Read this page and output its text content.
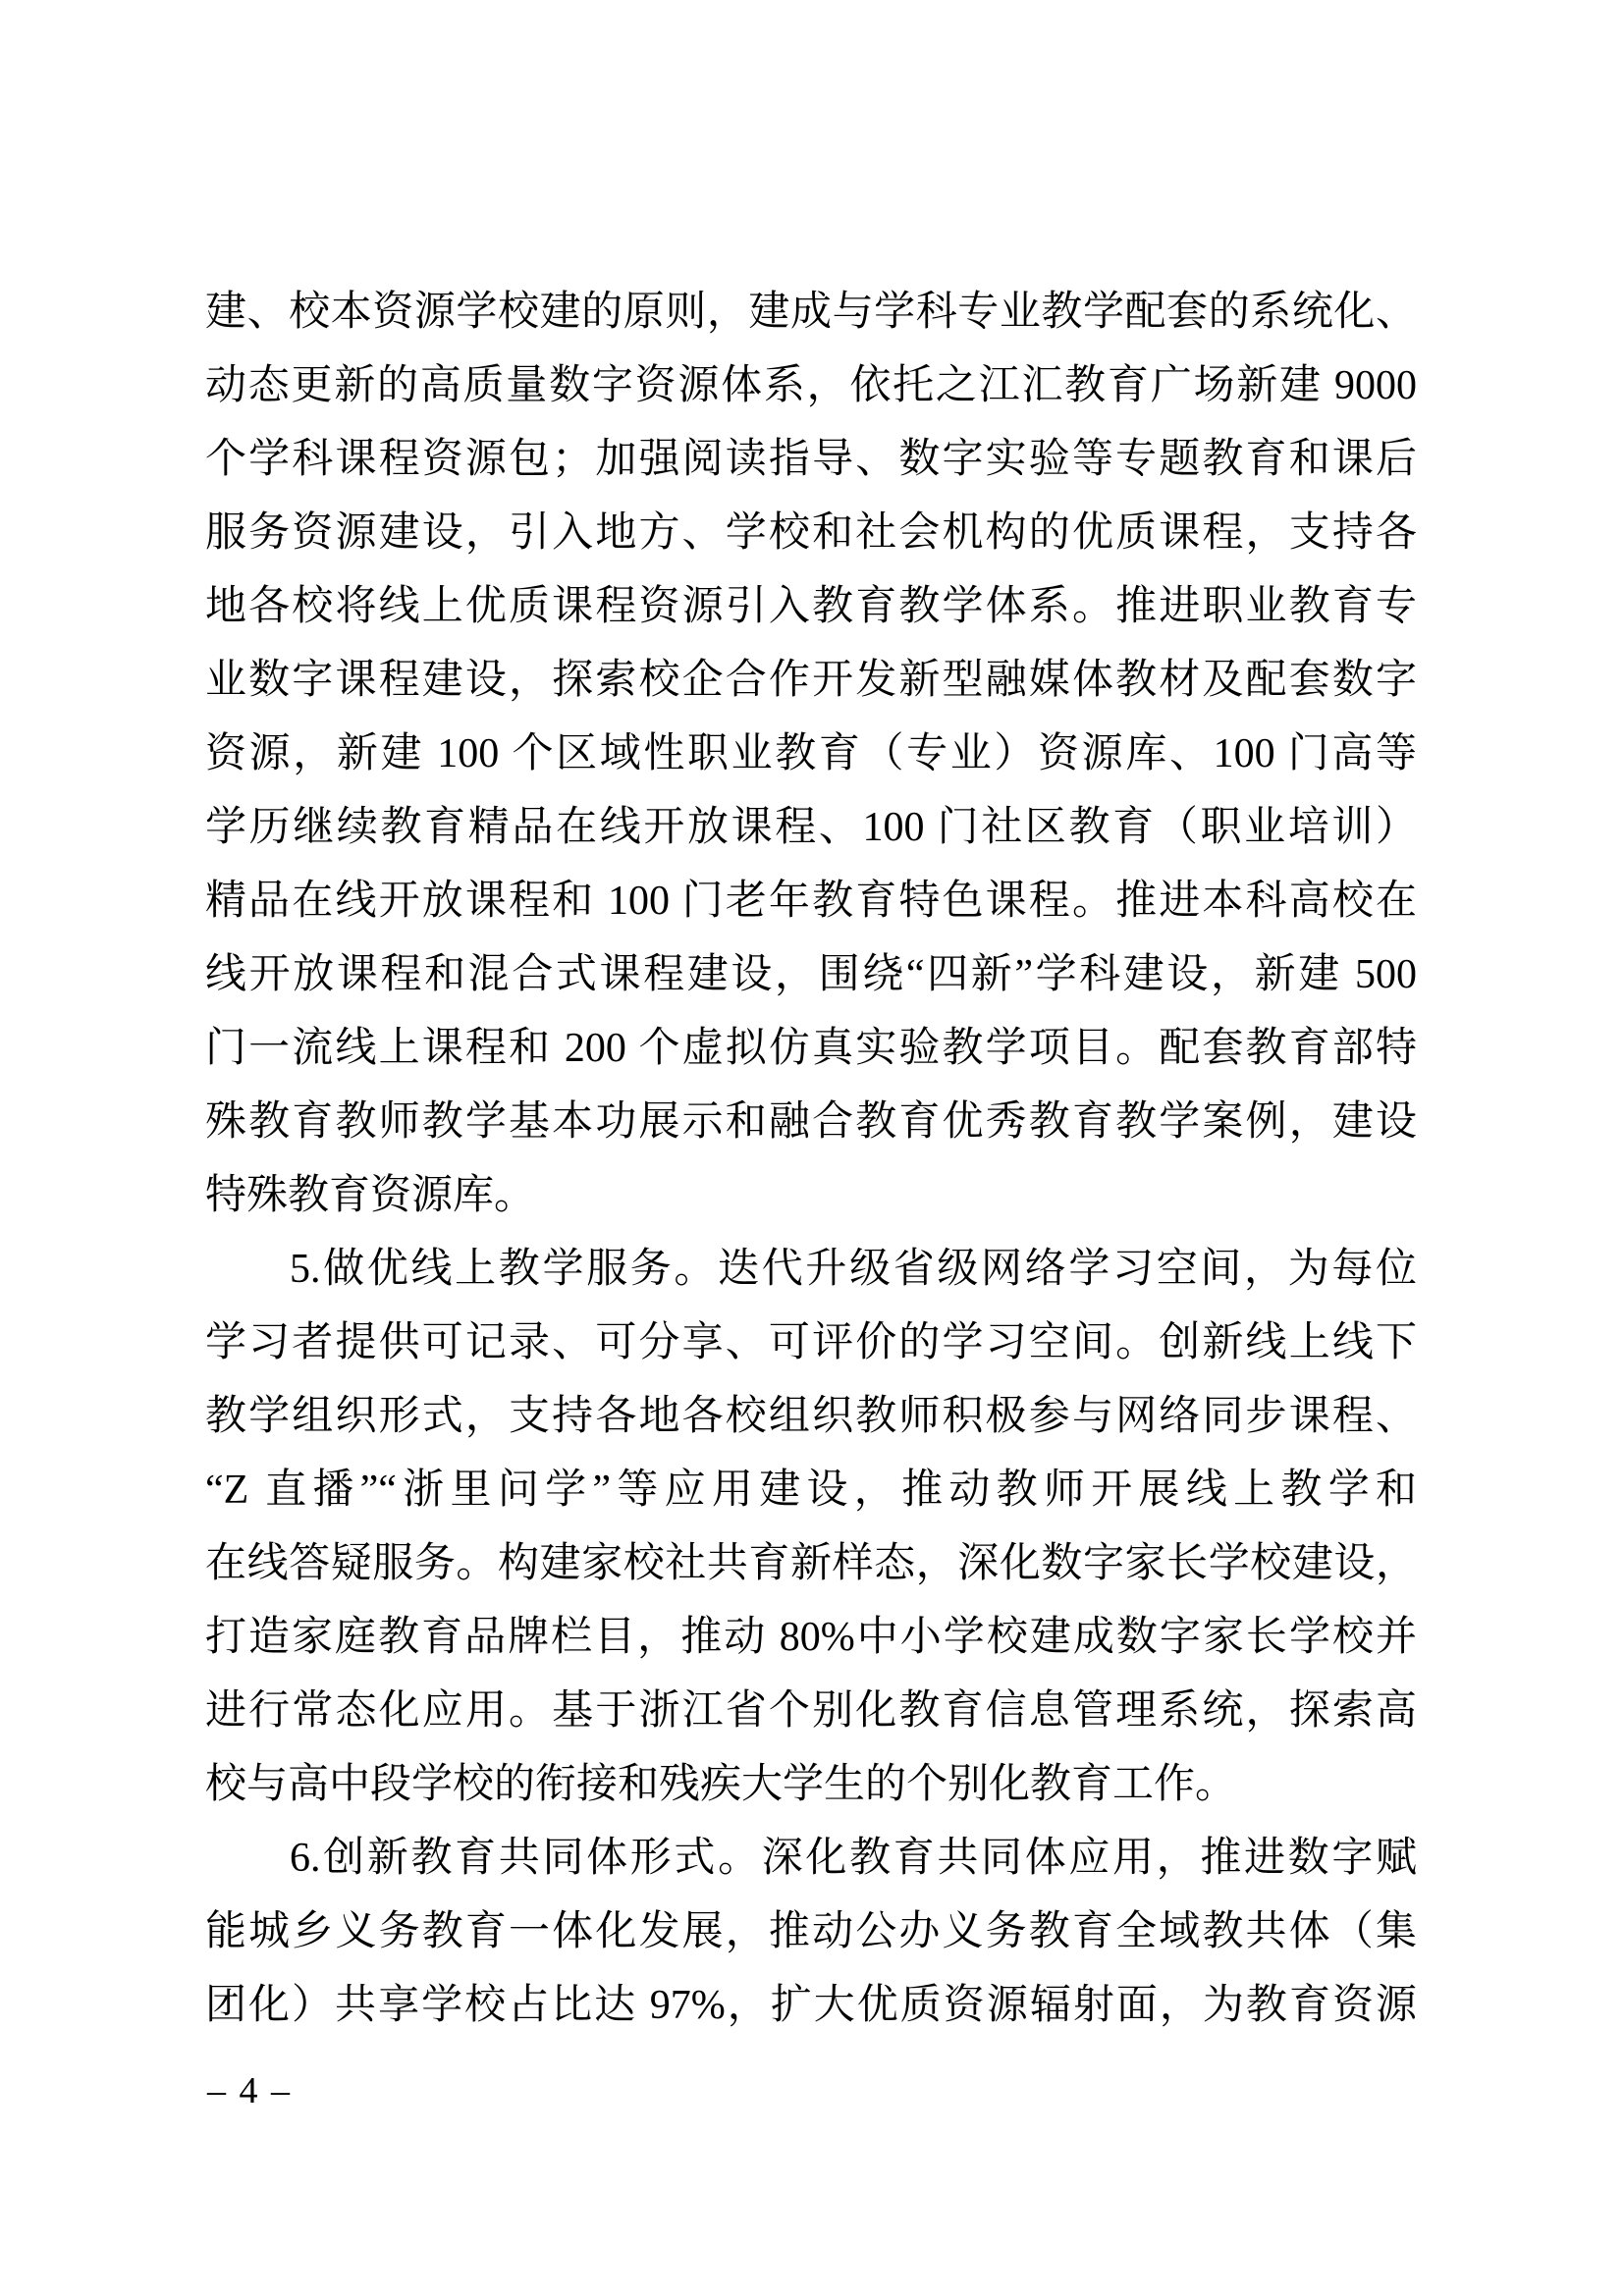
建、校本资源学校建的原则，建成与学科专业教学配套的系统化、
动态更新的高质量数字资源体系，依托之江汇教育广场新建 9000
个学科课程资源包；加强阅读指导、数字实验等专题教育和课后
服务资源建设，引入地方、学校和社会机构的优质课程，支持各
地各校将线上优质课程资源引入教育教学体系。推进职业教育专
业数字课程建设，探索校企合作开发新型融媒体教材及配套数字
资源，新建 100 个区域性职业教育（专业）资源库、100 门高等
学历继续教育精品在线开放课程、100 门社区教育（职业培训）
精品在线开放课程和 100 门老年教育特色课程。推进本科高校在
线开放课程和混合式课程建设，围绕“四新”学科建设，新建 500
门一流线上课程和 200 个虚拟仿真实验教学项目。配套教育部特
殊教育教师教学基本功展示和融合教育优秀教育教学案例，建设
特殊教育资源库。
5.做优线上教学服务。迭代升级省级网络学习空间，为每位
学习者提供可记录、可分享、可评价的学习空间。创新线上线下
教学组织形式，支持各地各校组织教师积极参与网络同步课程、
“Z 直播”“浙里问学”等应用建设，推动教师开展线上教学和
在线答疑服务。构建家校社共育新样态，深化数字家长学校建设，
打造家庭教育品牌栏目，推动 80%中小学校建成数字家长学校并
进行常态化应用。基于浙江省个别化教育信息管理系统，探索高
校与高中段学校的衔接和残疾大学生的个别化教育工作。
6.创新教育共同体形式。深化教育共同体应用，推进数字赋
能城乡义务教育一体化发展，推动公办义务教育全域教共体（集
团化）共享学校占比达 97%，扩大优质资源辐射面，为教育资源
– 4 –
